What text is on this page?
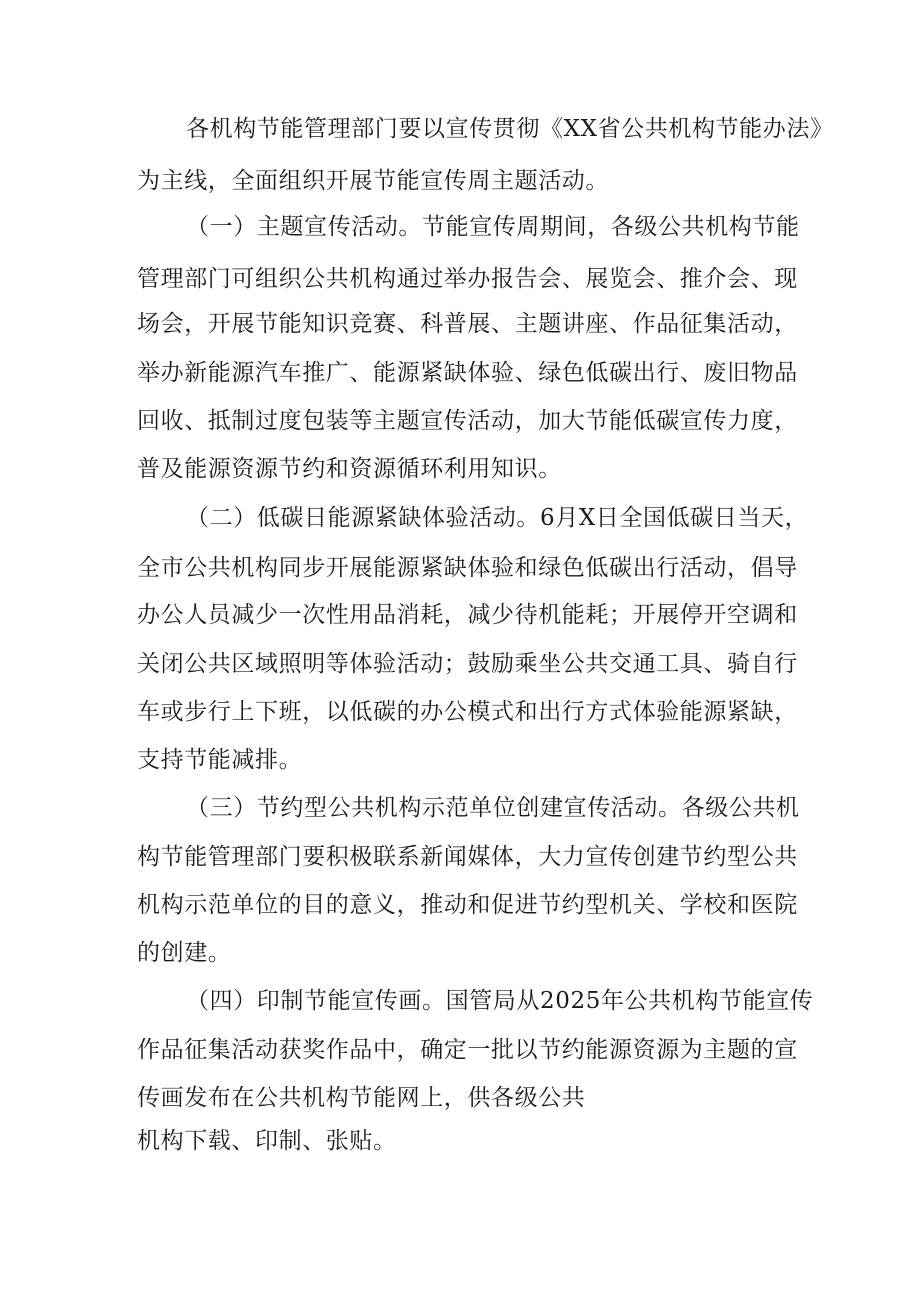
各机构节能管理部门要以宣传贯彻《XX省公共机构节能办法》
为主线，全面组织开展节能宣传周主题活动。
（一）主题宣传活动。节能宣传周期间，各级公共机构节能
管理部门可组织公共机构通过举办报告会、展览会、推介会、现
场会，开展节能知识竞赛、科普展、主题讲座、作品征集活动，
举办新能源汽车推广、能源紧缺体验、绿色低碳出行、废旧物品
回收、抵制过度包装等主题宣传活动，加大节能低碳宣传力度，
普及能源资源节约和资源循环利用知识。
（二）低碳日能源紧缺体验活动。6月X日全国低碳日当天，
全市公共机构同步开展能源紧缺体验和绿色低碳出行活动，倡导
办公人员减少一次性用品消耗，减少待机能耗；开展停开空调和
关闭公共区域照明等体验活动；鼓励乘坐公共交通工具、骑自行
车或步行上下班，以低碳的办公模式和出行方式体验能源紧缺，
支持节能减排。
（三）节约型公共机构示范单位创建宣传活动。各级公共机
构节能管理部门要积极联系新闻媒体，大力宣传创建节约型公共
机构示范单位的目的意义，推动和促进节约型机关、学校和医院
的创建。
（四）印制节能宣传画。国管局从2025年公共机构节能宣传
作品征集活动获奖作品中，确定一批以节约能源资源为主题的宣
传画发布在公共机构节能网上，供各级公共
机构下载、印制、张贴。
